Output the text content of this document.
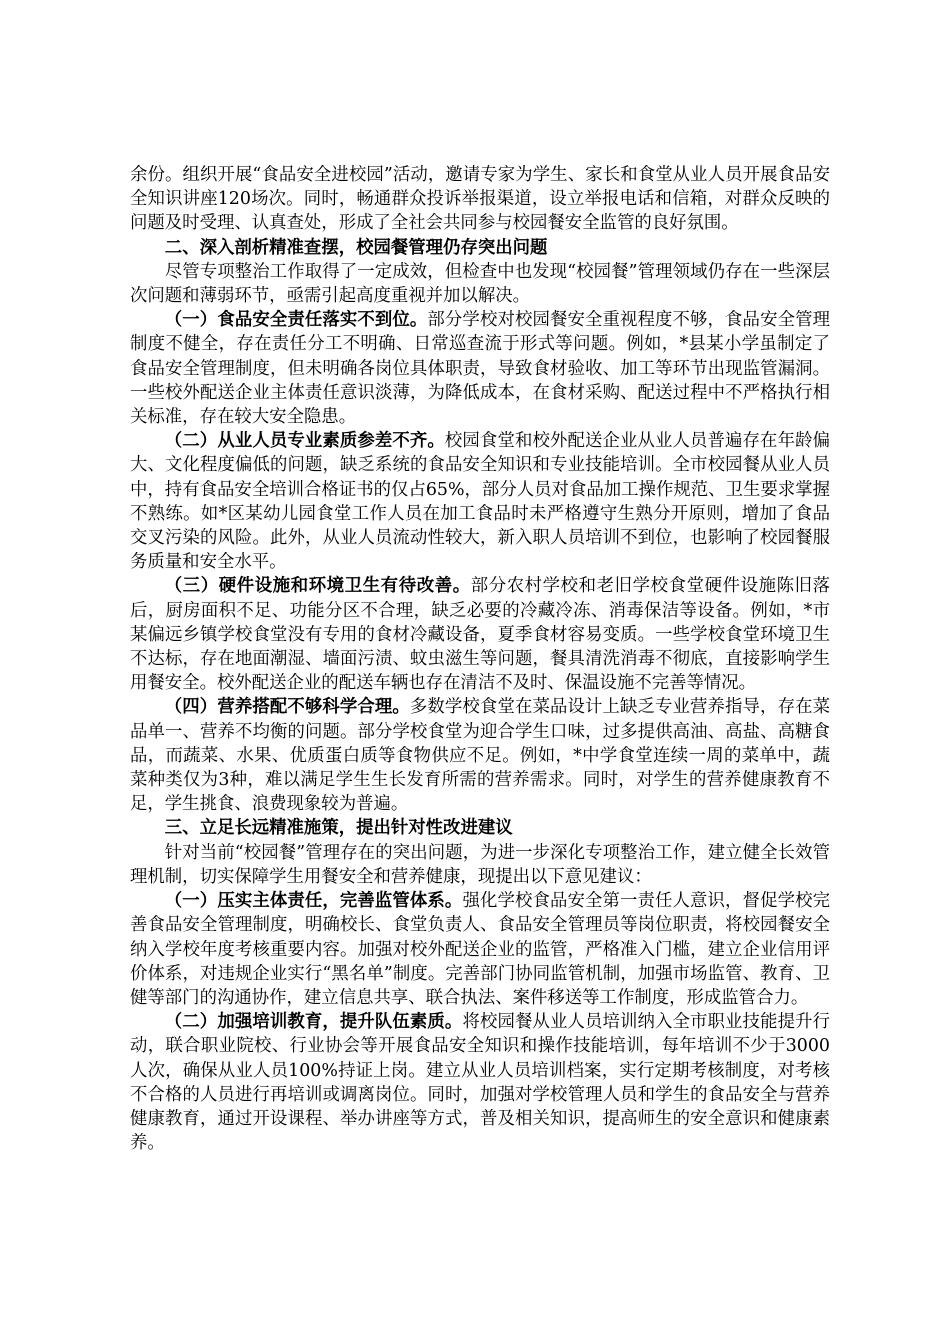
余份。组织开展“食品安全进校园”活动，邀请专家为学生、家长和食堂从业人员开展食品安全知识讲座120场次。同时，畅通群众投诉举报渠道，设立举报电话和信箱，对群众反映的问题及时受理、认真查处，形成了全社会共同参与校园餐安全监管的良好氛围。

二、深入剖析精准查摆，校园餐管理仍存突出问题

尽管专项整治工作取得了一定成效，但检查中也发现“校园餐”管理领域仍存在一些深层次问题和薄弱环节，亟需引起高度重视并加以解决。

（一）食品安全责任落实不到位。部分学校对校园餐安全重视程度不够，食品安全管理制度不健全，存在责任分工不明确、日常巡查流于形式等问题。例如，*县某小学虽制定了食品安全管理制度，但未明确各岗位具体职责，导致食材验收、加工等环节出现监管漏洞。一些校外配送企业主体责任意识淡薄，为降低成本，在食材采购、配送过程中不严格执行相关标准，存在较大安全隐患。

（二）从业人员专业素质参差不齐。校园食堂和校外配送企业从业人员普遍存在年龄偏大、文化程度偏低的问题，缺乏系统的食品安全知识和专业技能培训。全市校园餐从业人员中，持有食品安全培训合格证书的仅占65%，部分人员对食品加工操作规范、卫生要求掌握不熟练。如*区某幼儿园食堂工作人员在加工食品时未严格遵守生熟分开原则，增加了食品交叉污染的风险。此外，从业人员流动性较大，新入职人员培训不到位，也影响了校园餐服务质量和安全水平。

（三）硬件设施和环境卫生有待改善。部分农村学校和老旧学校食堂硬件设施陈旧落后，厨房面积不足、功能分区不合理，缺乏必要的冷藏冷冻、消毒保洁等设备。例如，*市某偏远乡镇学校食堂没有专用的食材冷藏设备，夏季食材容易变质。一些学校食堂环境卫生不达标，存在地面潮湿、墙面污渍、蚊虫滋生等问题，餐具清洗消毒不彻底，直接影响学生用餐安全。校外配送企业的配送车辆也存在清洁不及时、保温设施不完善等情况。

（四）营养搭配不够科学合理。多数学校食堂在菜品设计上缺乏专业营养指导，存在菜品单一、营养不均衡的问题。部分学校食堂为迎合学生口味，过多提供高油、高盐、高糖食品，而蔬菜、水果、优质蛋白质等食物供应不足。例如，*中学食堂连续一周的菜单中，蔬菜种类仅为3种，难以满足学生生长发育所需的营养需求。同时，对学生的营养健康教育不足，学生挑食、浪费现象较为普遍。

三、立足长远精准施策，提出针对性改进建议

针对当前“校园餐”管理存在的突出问题，为进一步深化专项整治工作，建立健全长效管理机制，切实保障学生用餐安全和营养健康，现提出以下意见建议：

（一）压实主体责任，完善监管体系。强化学校食品安全第一责任人意识，督促学校完善食品安全管理制度，明确校长、食堂负责人、食品安全管理员等岗位职责，将校园餐安全纳入学校年度考核重要内容。加强对校外配送企业的监管，严格准入门槛，建立企业信用评价体系，对违规企业实行“黑名单”制度。完善部门协同监管机制，加强市场监管、教育、卫健等部门的沟通协作，建立信息共享、联合执法、案件移送等工作制度，形成监管合力。

（二）加强培训教育，提升队伍素质。将校园餐从业人员培训纳入全市职业技能提升行动，联合职业院校、行业协会等开展食品安全知识和操作技能培训，每年培训不少于3000人次，确保从业人员100%持证上岗。建立从业人员培训档案，实行定期考核制度，对考核不合格的人员进行再培训或调离岗位。同时，加强对学校管理人员和学生的食品安全与营养健康教育，通过开设课程、举办讲座等方式，普及相关知识，提高师生的安全意识和健康素养。
